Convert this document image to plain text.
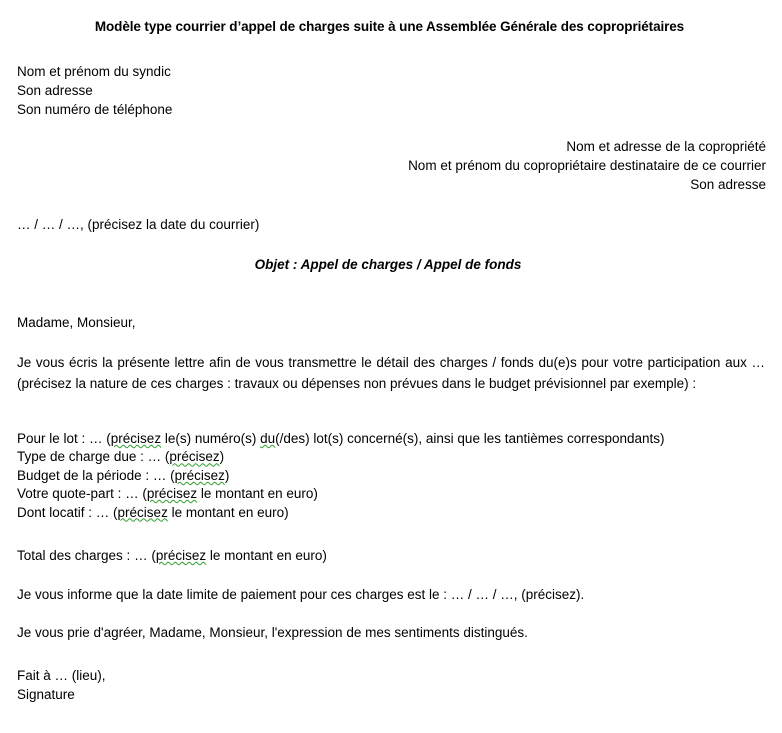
Modèle type courrier d’appel de charges suite à une Assemblée Générale des copropriétaires
Nom et prénom du syndic
Son adresse
Son numéro de téléphone
Nom et adresse de la copropriété
Nom et prénom du copropriétaire destinataire de ce courrier
Son adresse
… / … / …, (précisez la date du courrier)
Objet : Appel de charges / Appel de fonds
Madame, Monsieur,
Je vous écris la présente lettre afin de vous transmettre le détail des charges / fonds du(e)s pour votre participation aux … (précisez la nature de ces charges : travaux ou dépenses non prévues dans le budget prévisionnel par exemple) :
Pour le lot : … (précisez le(s) numéro(s) du(/des) lot(s) concerné(s), ainsi que les tantièmes correspondants)
Type de charge due : … (précisez)
Budget de la période : … (précisez)
Votre quote-part : … (précisez le montant en euro)
Dont locatif : … (précisez le montant en euro)
Total des charges : … (précisez le montant en euro)
Je vous informe que la date limite de paiement pour ces charges est le : … / … / …, (précisez).
Je vous prie d'agréer, Madame, Monsieur, l'expression de mes sentiments distingués.
Fait à … (lieu),
Signature
